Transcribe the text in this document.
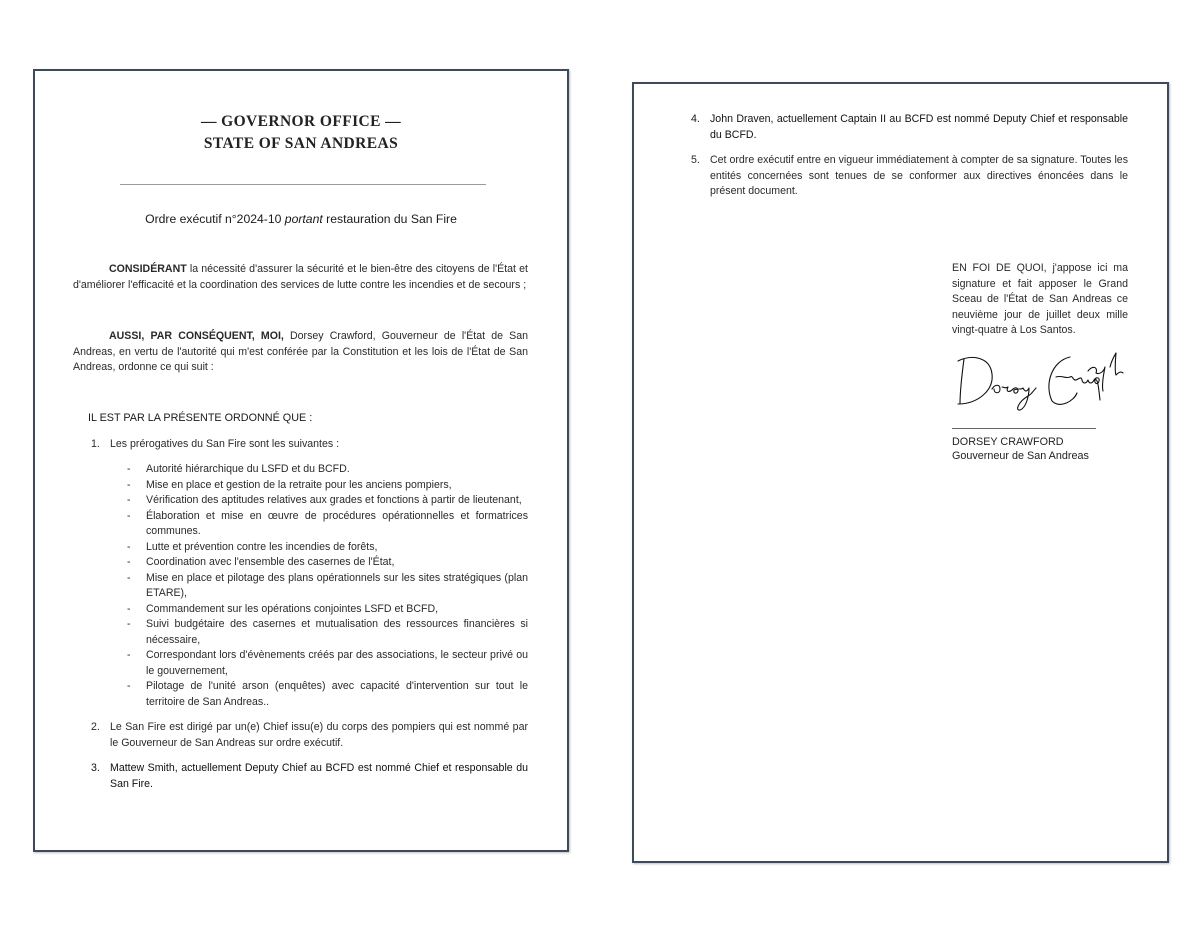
— GOVERNOR OFFICE —
STATE OF SAN ANDREAS
Ordre exécutif n°2024-10 portant restauration du San Fire

CONSIDÉRANT la nécessité d'assurer la sécurité et le bien-être des citoyens de l'État et d'améliorer l'efficacité et la coordination des services de lutte contre les incendies et de secours ;

AUSSI, PAR CONSÉQUENT, MOI, Dorsey Crawford, Gouverneur de l'État de San Andreas, en vertu de l'autorité qui m'est conférée par la Constitution et les lois de l'État de San Andreas, ordonne ce qui suit :

IL EST PAR LA PRÉSENTE ORDONNÉ QUE :
1. Les prérogatives du San Fire sont les suivantes :
- Autorité hiérarchique du LSFD et du BCFD.
- Mise en place et gestion de la retraite pour les anciens pompiers,
- Vérification des aptitudes relatives aux grades et fonctions à partir de lieutenant,
- Élaboration et mise en œuvre de procédures opérationnelles et formatrices communes.
- Lutte et prévention contre les incendies de forêts,
- Coordination avec l'ensemble des casernes de l'État,
- Mise en place et pilotage des plans opérationnels sur les sites stratégiques (plan ETARE),
- Commandement sur les opérations conjointes LSFD et BCFD,
- Suivi budgétaire des casernes et mutualisation des ressources financières si nécessaire,
- Correspondant lors d'évènements créés par des associations, le secteur privé ou le gouvernement,
- Pilotage de l'unité arson (enquêtes) avec capacité d'intervention sur tout le territoire de San Andreas..
2. Le San Fire est dirigé par un(e) Chief issu(e) du corps des pompiers qui est nommé par le Gouverneur de San Andreas sur ordre exécutif.
3. Mattew Smith, actuellement Deputy Chief au BCFD est nommé Chief et responsable du San Fire.
4. John Draven, actuellement Captain II au BCFD est nommé Deputy Chief et responsable du BCFD.
5. Cet ordre exécutif entre en vigueur immédiatement à compter de sa signature. Toutes les entités concernées sont tenues de se conformer aux directives énoncées dans le présent document.

EN FOI DE QUOI, j'appose ici ma signature et fait apposer le Grand Sceau de l'État de San Andreas ce neuvième jour de juillet deux mille vingt-quatre à Los Santos.

DORSEY CRAWFORD
Gouverneur de San Andreas
